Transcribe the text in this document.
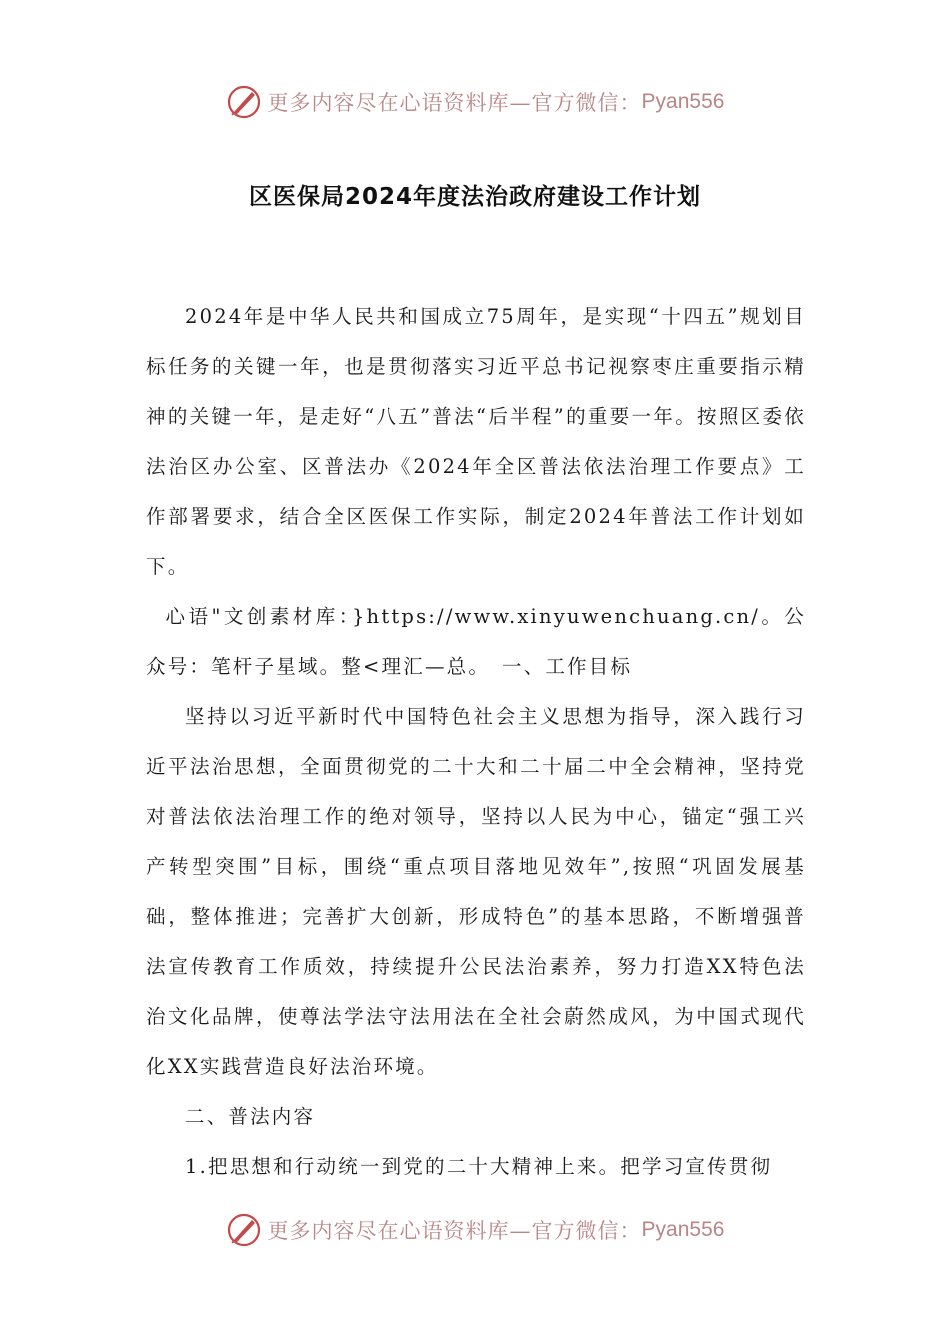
更多内容尽在心语资料库—官方微信： Pyan556
区医保局2024年度法治政府建设工作计划

2024年是中华人民共和国成立75周年，是实现“十四五”规划目标任务的关键一年，也是贯彻落实习近平总书记视察枣庄重要指示精神的关键一年，是走好“八五”普法“后半程”的重要一年。按照区委依法治区办公室、区普法办《2024年全区普法依法治理工作要点》工作部署要求，结合全区医保工作实际，制定2024年普法工作计划如下。

心语"文创素材库：}https://www.xinyuwenchuang.cn/。公众号：笔杆子星域。整<理汇—总。　一、工作目标

坚持以习近平新时代中国特色社会主义思想为指导，深入践行习近平法治思想，全面贯彻党的二十大和二十届二中全会精神，坚持党对普法依法治理工作的绝对领导，坚持以人民为中心，锚定“强工兴产转型突围”目标，围绕“重点项目落地见效年”,按照“巩固发展基础，整体推进；完善扩大创新，形成特色”的基本思路，不断增强普法宣传教育工作质效，持续提升公民法治素养，努力打造XX特色法治文化品牌，使尊法学法守法用法在全社会蔚然成风，为中国式现代化XX实践营造良好法治环境。

二、普法内容

1.把思想和行动统一到党的二十大精神上来。把学习宣传贯彻

更多内容尽在心语资料库—官方微信： Pyan556
